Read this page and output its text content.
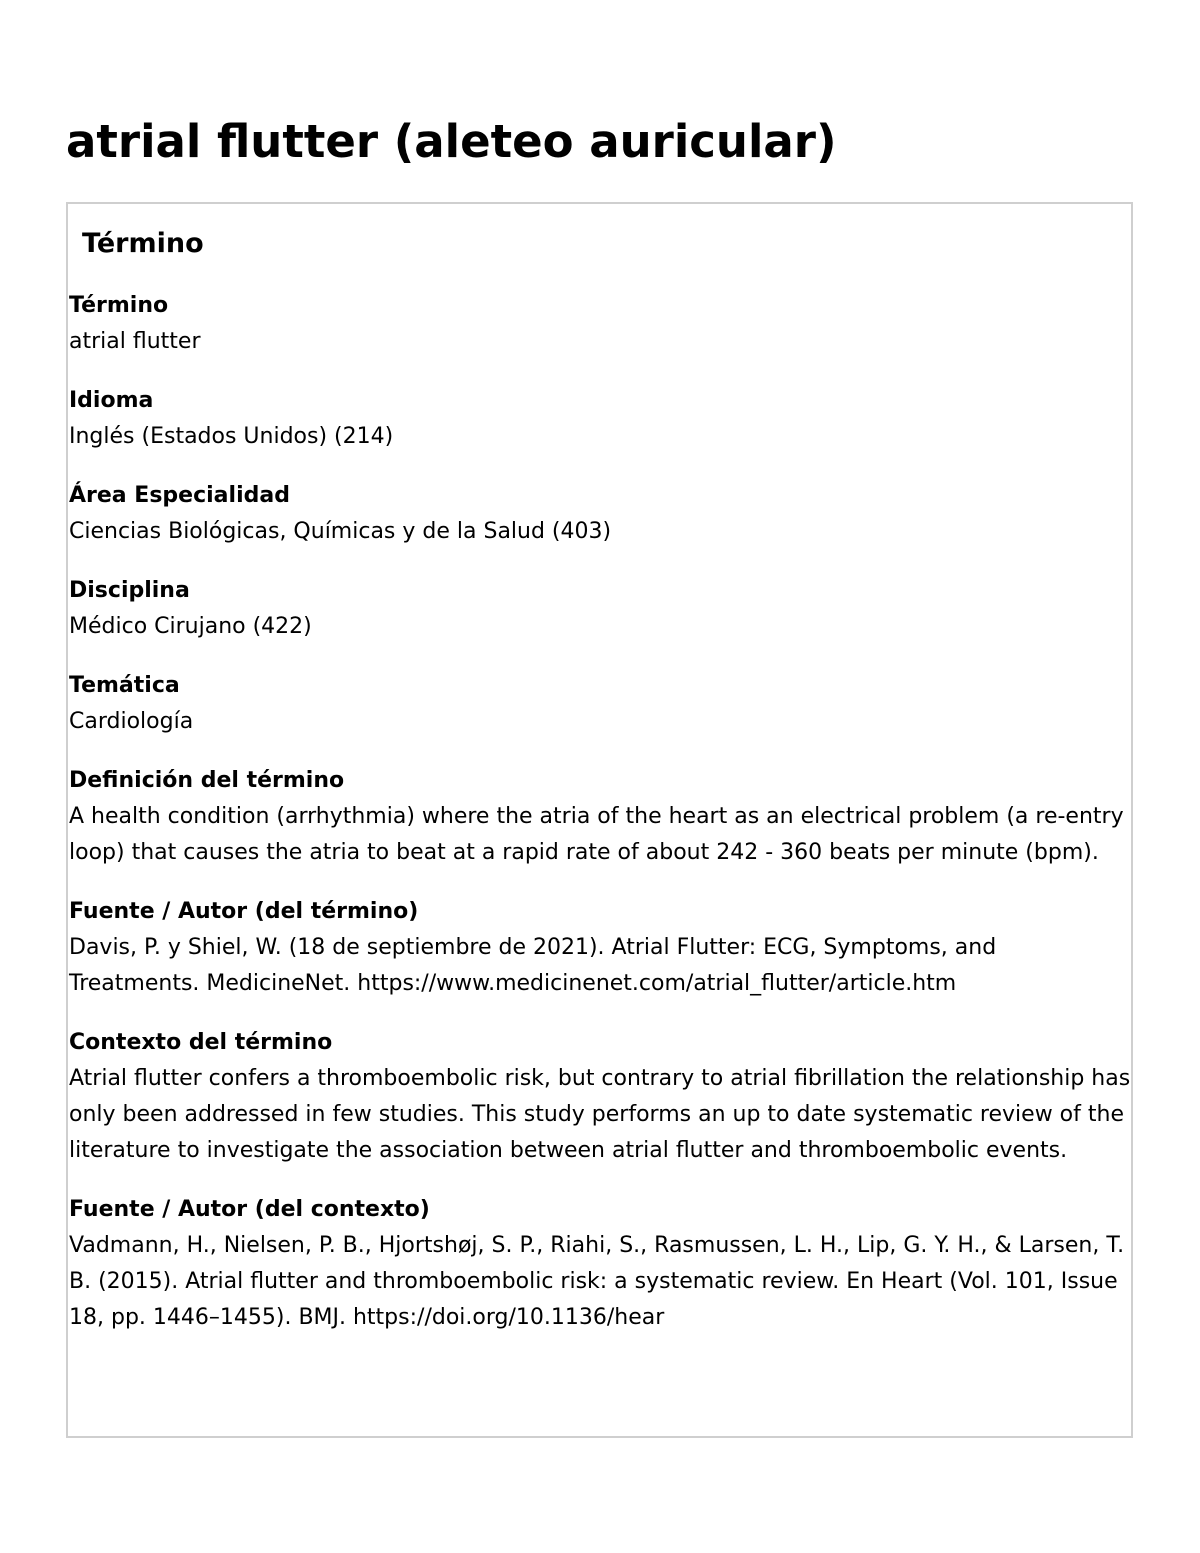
atrial flutter (aleteo auricular)
Término
Término
atrial flutter
Idioma
Inglés (Estados Unidos) (214)
Área Especialidad
Ciencias Biológicas, Químicas y de la Salud (403)
Disciplina
Médico Cirujano (422)
Temática
Cardiología
Definición del término
A health condition (arrhythmia) where the atria of the heart as an electrical problem (a re-entry loop) that causes the atria to beat at a rapid rate of about 242 - 360 beats per minute (bpm).
Fuente / Autor (del término)
Davis, P. y Shiel, W. (18 de septiembre de 2021). Atrial Flutter: ECG, Symptoms, and Treatments. MedicineNet. https://www.medicinenet.com/atrial_flutter/article.htm
Contexto del término
Atrial flutter confers a thromboembolic risk, but contrary to atrial fibrillation the relationship has only been addressed in few studies. This study performs an up to date systematic review of the literature to investigate the association between atrial flutter and thromboembolic events.
Fuente / Autor (del contexto)
Vadmann, H., Nielsen, P. B., Hjortshøj, S. P., Riahi, S., Rasmussen, L. H., Lip, G. Y. H., & Larsen, T. B. (2015). Atrial flutter and thromboembolic risk: a systematic review. En Heart (Vol. 101, Issue 18, pp. 1446–1455). BMJ. https://doi.org/10.1136/hear
